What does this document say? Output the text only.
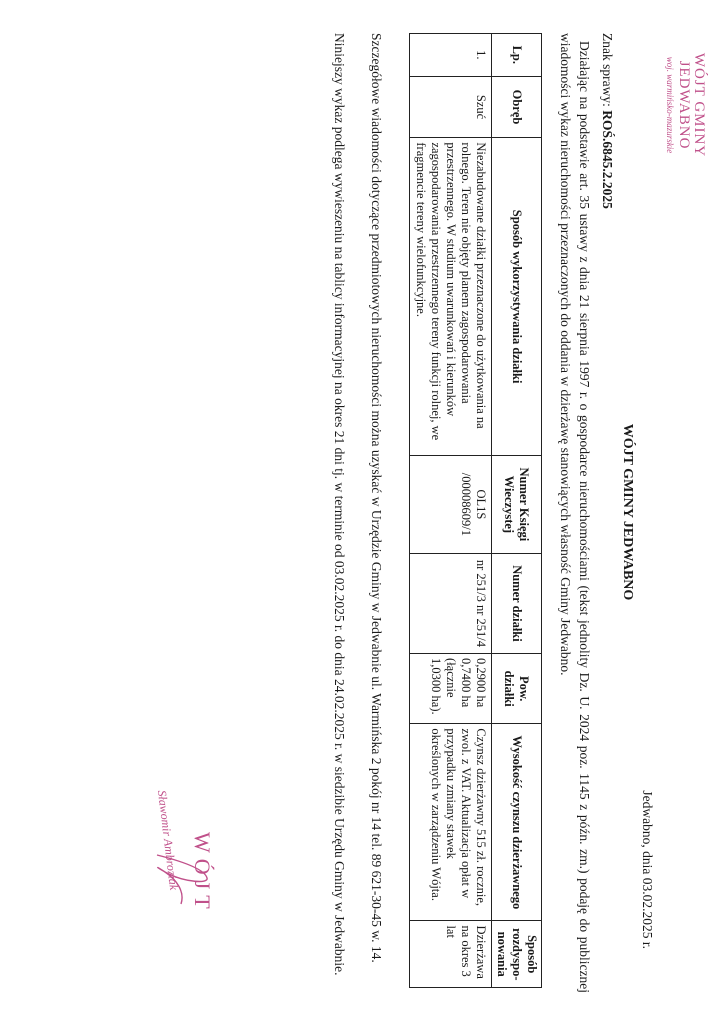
WÓJT GMINY
JEDWABNO
woj. warmińsko-mazurskie
Jedwabno, dnia 03.02.2025 r.
WÓJT GMINY JEDWABNO
Znak sprawy: ROŚ.6845.2.2025
Działając na podstawie art. 35 ustawy z dnia 21 sierpnia 1997 r. o gospodarce nieruchomościami (tekst jednolity Dz. U. 2024 poz. 1145 z późn. zm.) podaję do publicznej wiadomości wykaz nieruchomości przeznaczonych do oddania w dzierżawę stanowiących własność Gminy Jedwabno.
Lp.	Obręb	Sposób wykorzystywania działki	Numer Księgi Wieczystej	Numer działki	Pow. działki	Wysokość czynszu dzierżawnego	Sposób rozdyspo-nowania
1.	Szuć	Niezabudowane działki przeznaczone do użytkowania na rolnego. Teren nie objęty planem zagospodarowania przestrzennego. W studium uwarunkowań i kierunków zagospodarowania przestrzennego tereny funkcji rolnej, we fragmencie tereny wielofunkcyjne.	OL1S /00008609/1	nr 251/3 nr 251/4	0,2900 ha 0,7400 ha (łącznie 1,0300 ha).	Czynsz dzierżawny 515 zł. rocznie, zwol. z VAT. Aktualizacja opłat w przypadku zmiany stawek określonych w zarządzeniu Wójta.	Dzierżawa na okres 3 lat
Szczegółowe wiadomości dotyczące przedmiotowych nieruchomości można uzyskać w Urzędzie Gminy w Jedwabnie ul. Warmińska 2 pokój nr 14 tel. 89 621-30-45 w. 14.
Niniejszy wykaz podlega wywieszeniu na tablicy informacyjnej na okres 21 dni tj. w terminie od 03.02.2025 r. do dnia 24.02.2025 r. w siedzibie Urzędu Gminy w Jedwabnie.
WÓJT
Sławomir Ambroziak
